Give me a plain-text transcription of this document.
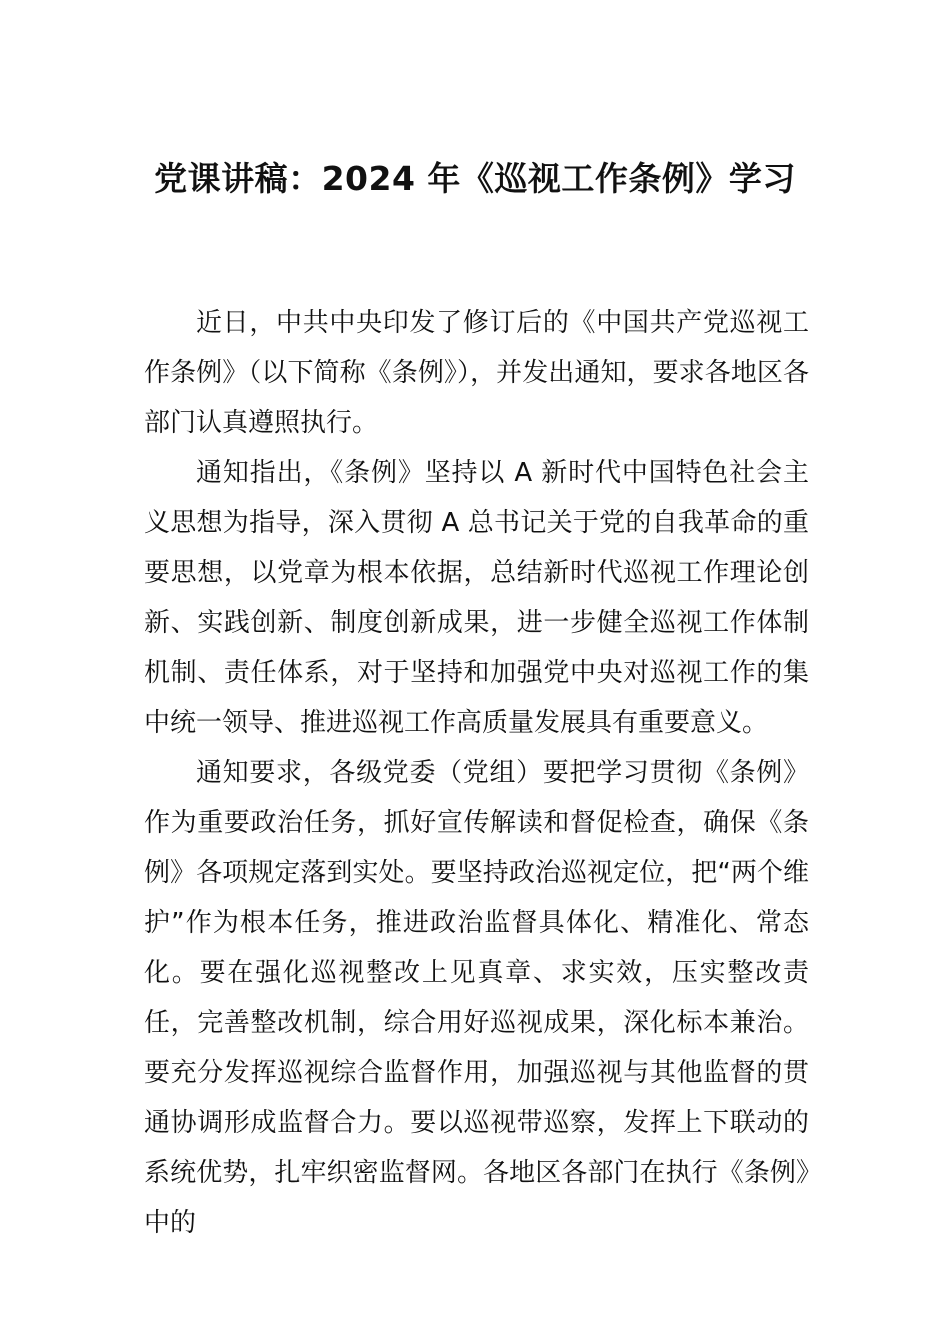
党课讲稿：2024 年《巡视工作条例》学习

近日，中共中央印发了修订后的《中国共产党巡视工作条例》（以下简称《条例》），并发出通知，要求各地区各部门认真遵照执行。

通知指出，《条例》坚持以 A 新时代中国特色社会主义思想为指导，深入贯彻 A 总书记关于党的自我革命的重要思想，以党章为根本依据，总结新时代巡视工作理论创新、实践创新、制度创新成果，进一步健全巡视工作体制机制、责任体系，对于坚持和加强党中央对巡视工作的集中统一领导、推进巡视工作高质量发展具有重要意义。

通知要求，各级党委（党组）要把学习贯彻《条例》作为重要政治任务，抓好宣传解读和督促检查，确保《条例》各项规定落到实处。要坚持政治巡视定位，把“两个维护”作为根本任务，推进政治监督具体化、精准化、常态化。要在强化巡视整改上见真章、求实效，压实整改责任，完善整改机制，综合用好巡视成果，深化标本兼治。要充分发挥巡视综合监督作用，加强巡视与其他监督的贯通协调形成监督合力。要以巡视带巡察，发挥上下联动的系统优势，扎牢织密监督网。各地区各部门在执行《条例》中的
